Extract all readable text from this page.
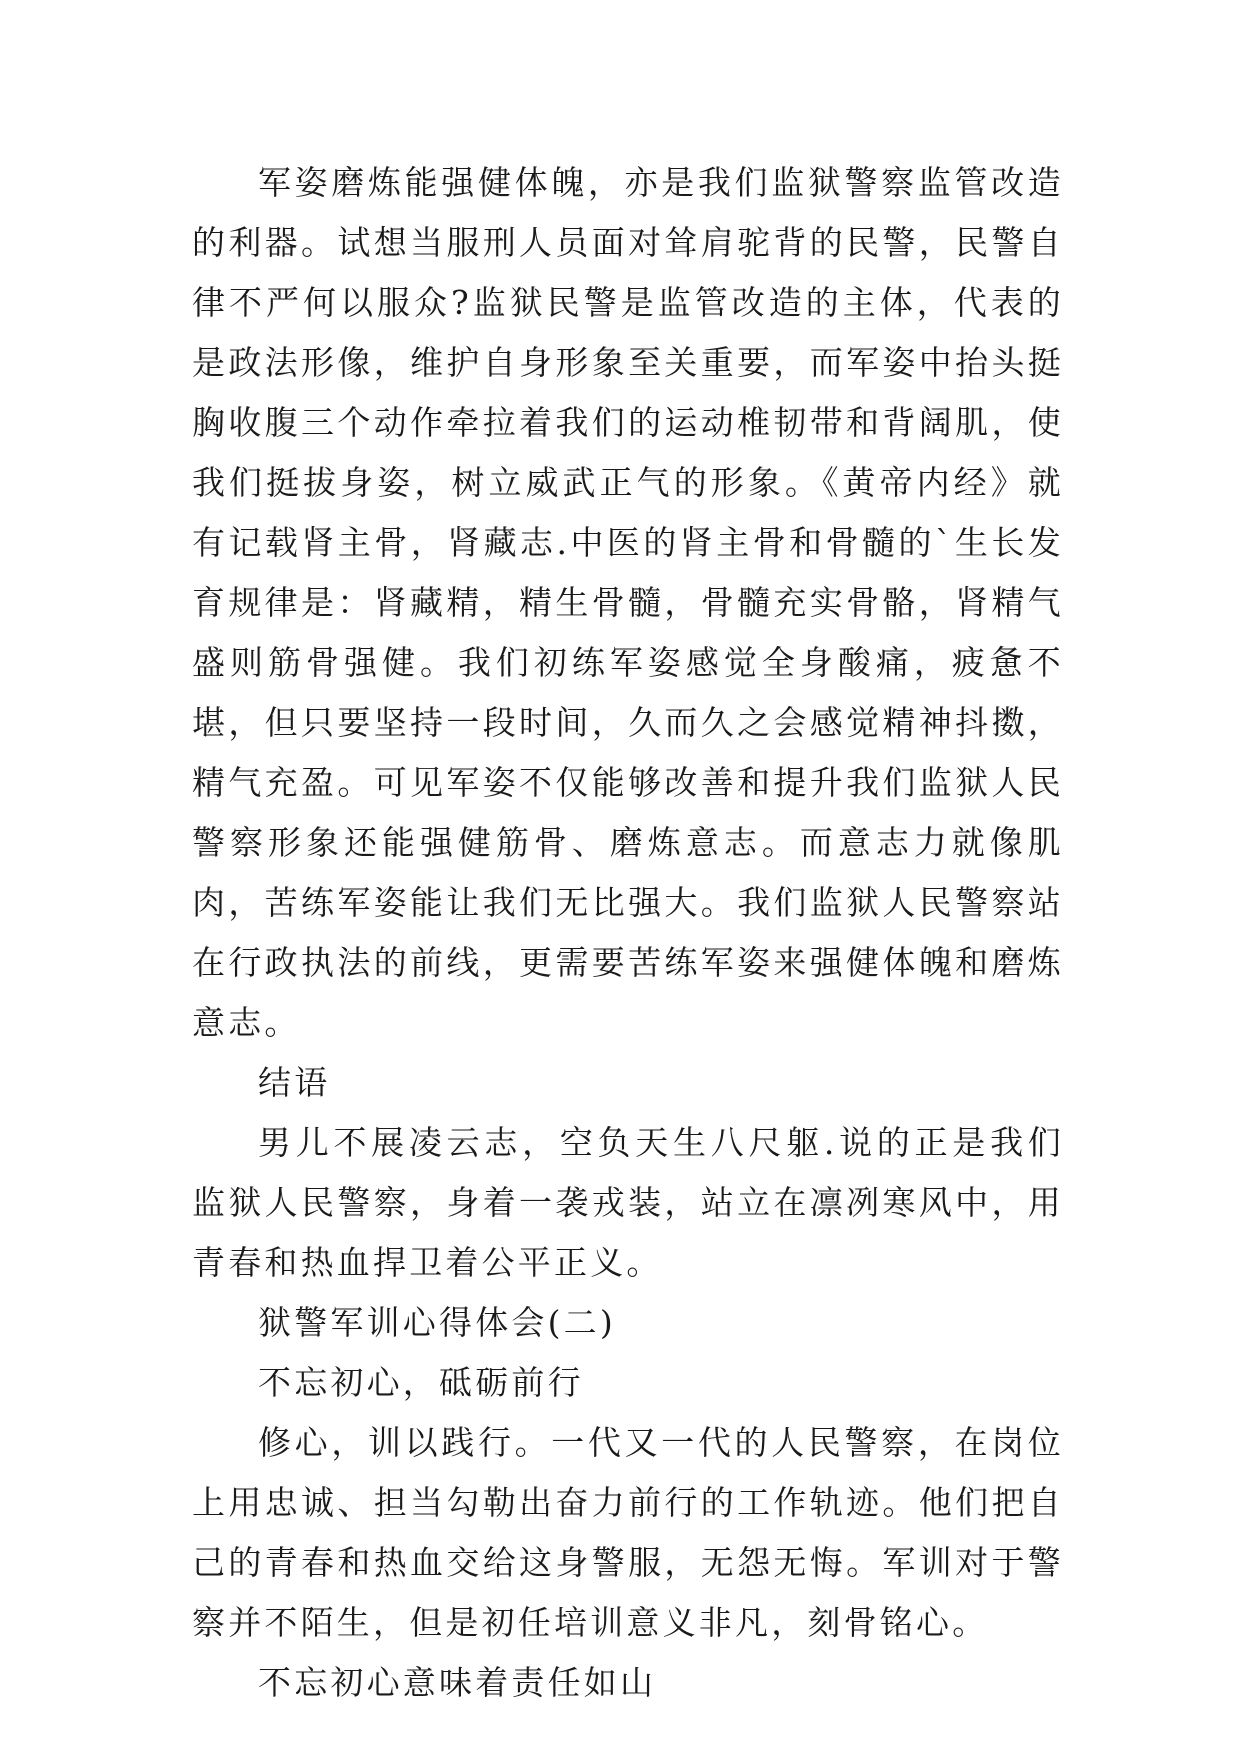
军姿磨炼能强健体魄，亦是我们监狱警察监管改造的利器。试想当服刑人员面对耸肩驼背的民警，民警自律不严何以服众?监狱民警是监管改造的主体，代表的是政法形像，维护自身形象至关重要，而军姿中抬头挺胸收腹三个动作牵拉着我们的运动椎韧带和背阔肌，使我们挺拔身姿，树立威武正气的形象。《黄帝内经》就有记载肾主骨，肾藏志.中医的肾主骨和骨髓的`生长发育规律是：肾藏精，精生骨髓，骨髓充实骨骼，肾精气盛则筋骨强健。我们初练军姿感觉全身酸痛，疲惫不堪，但只要坚持一段时间，久而久之会感觉精神抖擞，精气充盈。可见军姿不仅能够改善和提升我们监狱人民警察形象还能强健筋骨、磨炼意志。而意志力就像肌肉，苦练军姿能让我们无比强大。我们监狱人民警察站在行政执法的前线，更需要苦练军姿来强健体魄和磨炼意志。

结语

男儿不展凌云志，空负天生八尺躯.说的正是我们监狱人民警察，身着一袭戎装，站立在凛冽寒风中，用青春和热血捍卫着公平正义。

狱警军训心得体会(二)

不忘初心，砥砺前行

修心，训以践行。一代又一代的人民警察，在岗位上用忠诚、担当勾勒出奋力前行的工作轨迹。他们把自己的青春和热血交给这身警服，无怨无悔。军训对于警察并不陌生，但是初任培训意义非凡，刻骨铭心。

不忘初心意味着责任如山
